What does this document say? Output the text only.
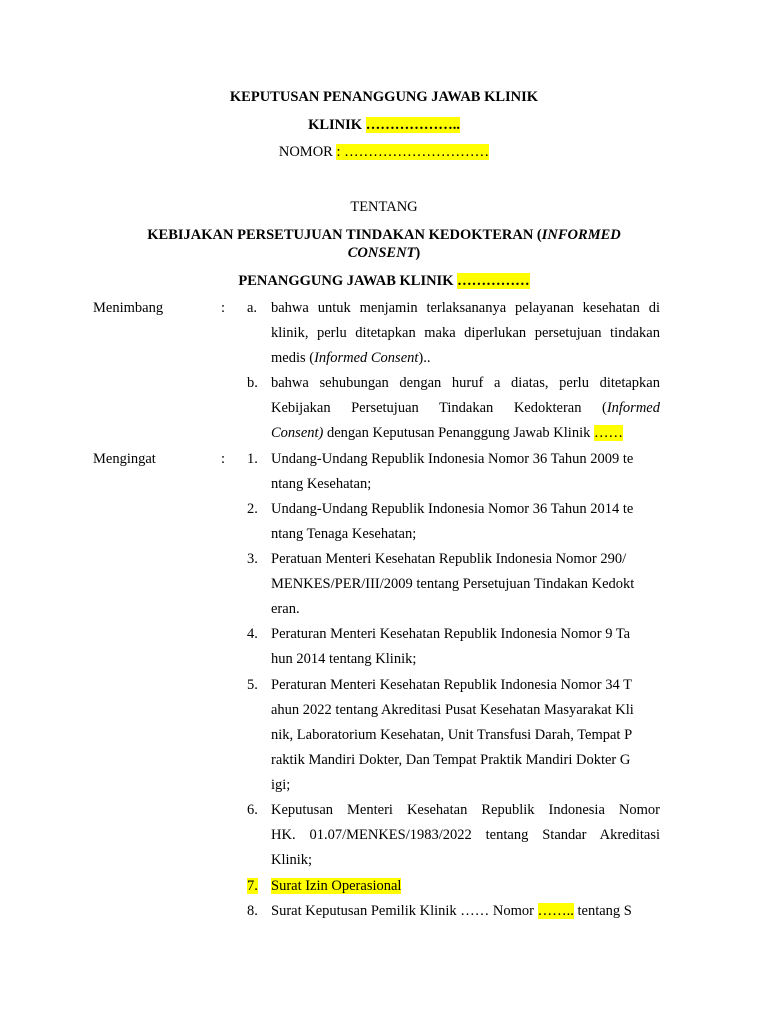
KEPUTUSAN PENANGGUNG JAWAB KLINIK
KLINIK ………………..
NOMOR : …………………………
TENTANG
KEBIJAKAN PERSETUJUAN TINDAKAN KEDOKTERAN (INFORMED
CONSENT)
PENANGGUNG JAWAB KLINIK ……………
Menimbang	: a. bahwa untuk menjamin terlaksananya pelayanan kesehatan di
klinik, perlu ditetapkan maka diperlukan persetujuan tindakan
medis (Informed Consent)..
b. bahwa sehubungan dengan huruf a diatas, perlu ditetapkan
Kebijakan Persetujuan Tindakan Kedokteran (Informed
Consent) dengan Keputusan Penanggung Jawab Klinik ……
Mengingat	: 1. Undang-Undang Republik Indonesia Nomor 36 Tahun 2009 te
ntang Kesehatan;
2. Undang-Undang Republik Indonesia Nomor 36 Tahun 2014 te
ntang Tenaga Kesehatan;
3. Peratuan Menteri Kesehatan Republik Indonesia Nomor 290/
MENKES/PER/III/2009 tentang Persetujuan Tindakan Kedokt
eran.
4. Peraturan Menteri Kesehatan Republik Indonesia Nomor 9 Ta
hun 2014 tentang Klinik;
5. Peraturan Menteri Kesehatan Republik Indonesia Nomor 34 T
ahun 2022 tentang Akreditasi Pusat Kesehatan Masyarakat Kli
nik, Laboratorium Kesehatan, Unit Transfusi Darah, Tempat P
raktik Mandiri Dokter, Dan Tempat Praktik Mandiri Dokter G
igi;
6. Keputusan Menteri Kesehatan Republik Indonesia Nomor
HK. 01.07/MENKES/1983/2022 tentang Standar Akreditasi
Klinik;
7. Surat Izin Operasional
8. Surat Keputusan Pemilik Klinik …… Nomor …….. tentang S
